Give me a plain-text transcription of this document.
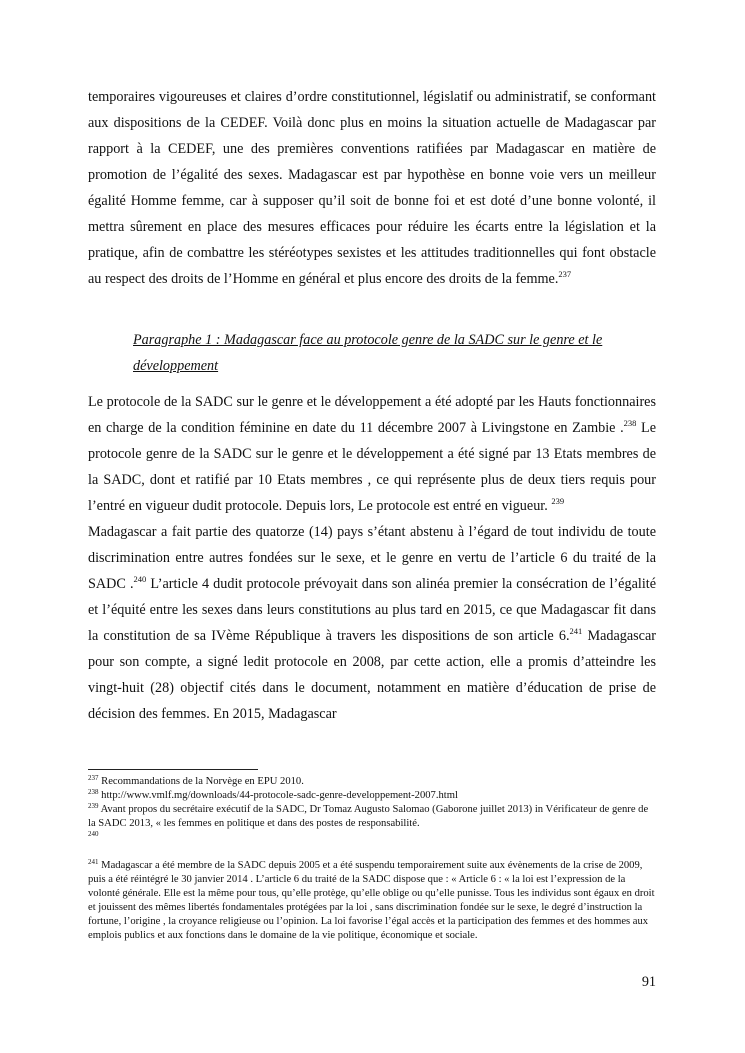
temporaires vigoureuses et claires d’ordre constitutionnel, législatif ou administratif, se conformant aux dispositions de la CEDEF. Voilà donc plus en moins la situation actuelle de Madagascar par rapport à la CEDEF, une des premières conventions ratifiées par Madagascar en matière de promotion de l’égalité des sexes. Madagascar est par hypothèse en bonne voie vers un meilleur égalité Homme femme, car à supposer qu’il soit de bonne foi et est doté d’une bonne volonté, il mettra sûrement en place des mesures efficaces pour réduire les écarts entre la législation et la pratique, afin de combattre les stéréotypes sexistes et les attitudes traditionnelles qui font obstacle au respect des droits de l’Homme en général et plus encore des droits de la femme.$^{237}$

Paragraphe 1 : Madagascar face au protocole genre de la SADC sur le genre et le développement

Le protocole de la SADC sur le genre et le développement a été adopté par les Hauts fonctionnaires en charge de la condition féminine en date du 11 décembre 2007 à Livingstone en Zambie .$^{238}$ Le protocole genre de la SADC sur le genre et le développement a été signé par 13 Etats membres de la SADC, dont et ratifié par 10 Etats membres , ce qui représente plus de deux tiers requis pour l’entré en vigueur dudit protocole. Depuis lors, Le protocole est entré en vigueur. $^{239}$

Madagascar a fait partie des quatorze (14) pays s’étant abstenu à l’égard de tout individu de toute discrimination entre autres fondées sur le sexe, et le genre en vertu de l’article 6 du traité de la SADC .$^{240}$ L’article 4 dudit protocole prévoyait dans son alinéa premier la consécration de l’égalité et l’équité entre les sexes dans leurs constitutions au plus tard en 2015, ce que Madagascar fit dans la constitution de sa IVème République à travers les dispositions de son article 6.$^{241}$ Madagascar pour son compte, a signé ledit protocole en 2008, par cette action, elle a promis d’atteindre les vingt-huit (28) objectif cités dans le document, notamment en matière d’éducation de prise de décision des femmes. En 2015, Madagascar

$^{237}$ Recommandations de la Norvège en EPU 2010.

$^{238}$ http://www.vmlf.mg/downloads/44-protocole-sadc-genre-developpement-2007.html

$^{239}$ Avant propos du secrétaire exécutif de la SADC, Dr Tomaz Augusto Salomao (Gaborone juillet 2013) in Vérificateur de genre de la SADC 2013, « les femmes en politique et dans des postes de responsabilité.

$^{240}$

$^{241}$ Madagascar a été membre de la SADC depuis 2005 et a été suspendu temporairement suite aux évènements de la crise de 2009, puis a été réintégré le 30 janvier 2014 . L’article 6 du traité de la SADC dispose que : « Article 6 : « la loi est l’expression de la volonté générale. Elle est la même pour tous, qu’elle protège, qu’elle oblige ou qu’elle punisse. Tous les individus sont égaux en droit et jouissent des mêmes libertés fondamentales protégées par la loi , sans discrimination fondée sur le sexe, le degré d’instruction la fortune, l’origine , la croyance religieuse ou l’opinion. La loi favorise l’égal accès et la participation des femmes et des hommes aux emplois publics et aux fonctions dans le domaine de la vie politique, économique et sociale.

91
